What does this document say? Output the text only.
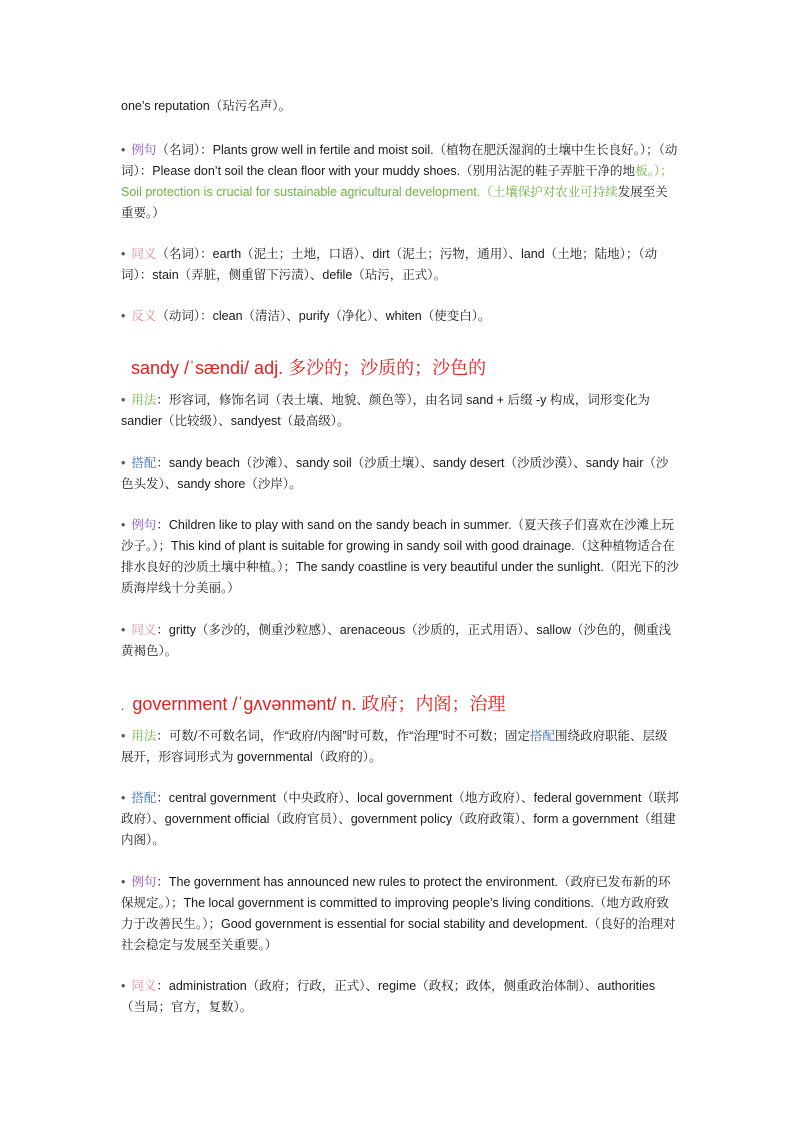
one’s reputation（玷污名声）。
• 例句（名词）：Plants grow well in fertile and moist soil.（植物在肥沃湿润的土壤中生长良好。）；（动词）：Please don’t soil the clean floor with your muddy shoes.（别用沾泥的鞋子弄脏干净的地板。）；Soil protection is crucial for sustainable agricultural development.（土壤保护对农业可持续发展至关重要。）
• 同义（名词）：earth（泥土；土地，口语）、dirt（泥土；污物，通用）、land（土地；陆地）；（动词）：stain（弄脏，侧重留下污渍）、defile（玷污，正式）。
• 反义（动词）：clean（清洁）、purify（净化）、whiten（使变白）。
sandy /ˈsændi/ adj. 多沙的；沙质的；沙色的
• 用法：形容词，修饰名词（表土壤、地貌、颜色等），由名词 sand + 后缀 -y 构成，词形变化为 sandier（比较级）、sandyest（最高级）。
• 搭配：sandy beach（沙滩）、sandy soil（沙质土壤）、sandy desert（沙质沙漠）、sandy hair（沙色头发）、sandy shore（沙岸）。
• 例句：Children like to play with sand on the sandy beach in summer.（夏天孩子们喜欢在沙滩上玩沙子。）；This kind of plant is suitable for growing in sandy soil with good drainage.（这种植物适合在排水良好的沙质土壤中种植。）；The sandy coastline is very beautiful under the sunlight.（阳光下的沙质海岸线十分美丽。）
• 同义：gritty（多沙的，侧重沙粒感）、arenaceous（沙质的，正式用语）、sallow（沙色的，侧重浅黄褐色）。
. government /ˈɡʌvənmənt/ n. 政府；内阁；治理
• 用法：可数/不可数名词，作“政府/内阁”时可数，作“治理”时不可数；固定搭配围绕政府职能、层级展开，形容词形式为 governmental（政府的）。
• 搭配：central government（中央政府）、local government（地方政府）、federal government（联邦政府）、government official（政府官员）、government policy（政府政策）、form a government（组建内阁）。
• 例句：The government has announced new rules to protect the environment.（政府已发布新的环保规定。）；The local government is committed to improving people’s living conditions.（地方政府致力于改善民生。）；Good government is essential for social stability and development.（良好的治理对社会稳定与发展至关重要。）
• 同义：administration（政府；行政，正式）、regime（政权；政体，侧重政治体制）、authorities（当局；官方，复数）。
